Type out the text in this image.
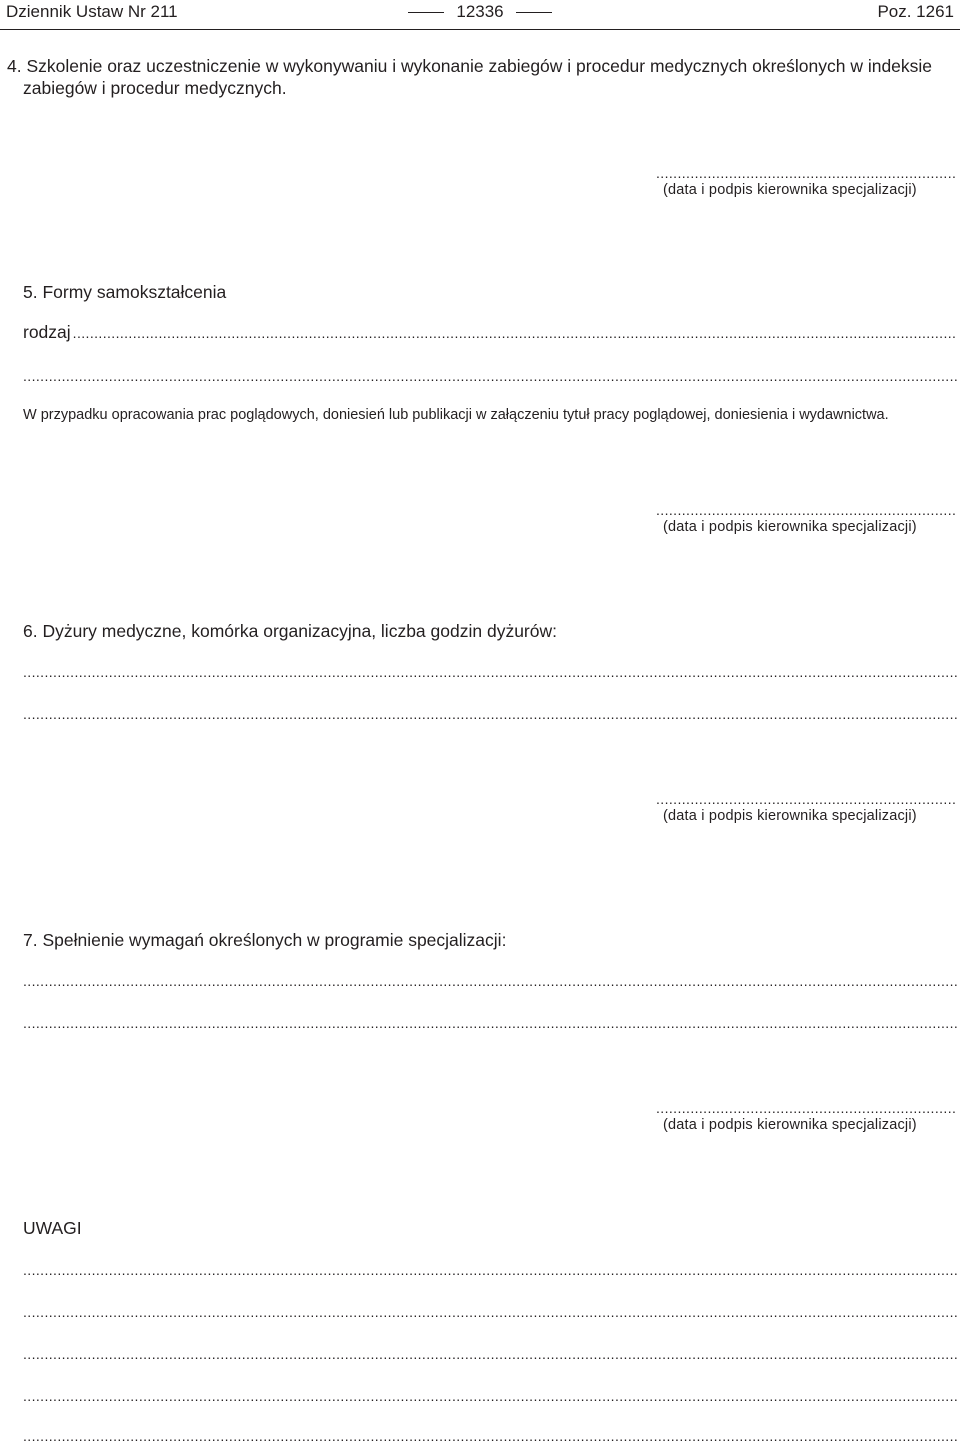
Dziennik Ustaw Nr 211	12336	Poz. 1261
4. Szkolenie oraz uczestniczenie w wykonywaniu i wykonanie zabiegów i procedur medycznych określonych w indeksie zabiegów i procedur medycznych.
.....
(data i podpis kierownika specjalizacji)
5. Formy samokształcenia
rodzaj
.....
.....
W przypadku opracowania prac poglądowych, doniesień lub publikacji w załączeniu tytuł pracy poglądowej, doniesienia i wydawnictwa.
.....
(data i podpis kierownika specjalizacji)
6. Dyżury medyczne, komórka organizacyjna, liczba godzin dyżurów:
.....
.....
.....
(data i podpis kierownika specjalizacji)
7. Spełnienie wymagań określonych w programie specjalizacji:
.....
.....
.....
(data i podpis kierownika specjalizacji)
UWAGI
.....
.....
.....
.....
.....
